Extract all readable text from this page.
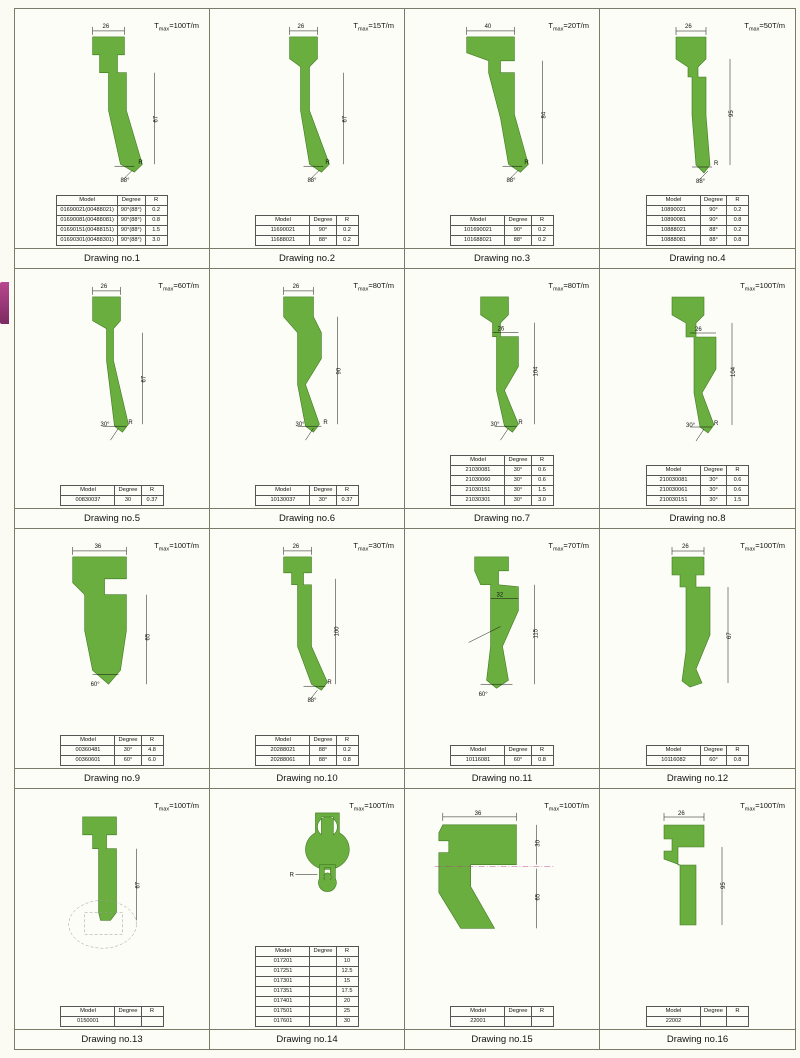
$T_{max}=100T/m$
26
67
88°
R
Model	Degree	R
01690021(00488021)	90°(88°)	0.2
01690081(00488081)	90°(88°)	0.8
01690151(00488151)	90°(88°)	1.5
01690301(00488301)	90°(88°)	3.0
Drawing no.1
$T_{max}=15T/m$
26
67
88°
R
Model	Degree	R
11690021	90°	0.2
11688021	88°	0.2
Drawing no.2
$T_{max}=20T/m$
40
84
88°
R
Model	Degree	R
101690021	90°	0.2
101688021	88°	0.2
Drawing no.3
$T_{max}=50T/m$
26
95
88°
R
Model	Degree	R
10890021	90°	0.2
10890081	90°	0.8
10888021	88°	0.2
10888081	88°	0.8
Drawing no.4
$T_{max}=60T/m$
26
67
30°	R
Model	Degree	R
00830037	30	0.37
Drawing no.5
$T_{max}=80T/m$
26
90
30°	R
Model	Degree	R
10130037	30°	0.37
Drawing no.6
$T_{max}=80T/m$
26
104
30°	R
Model	Degree	R
21030081	30°	0.6
21030060	30°	0.6
21030151	30°	1.5
21030301	30°	3.0
Drawing no.7
$T_{max}=100T/m$
26
104
30°	R
Model	Degree	R
210030081	30°	0.6
210030061	30°	0.6
210030151	30°	1.5
Drawing no.8
$T_{max}=100T/m$
36
65
60°
Model	Degree	R
00360481	30°	4.8
00360601	60°	6.0
Drawing no.9
$T_{max}=30T/m$
26
100
88°
R
Model	Degree	R
20288021	88°	0.2
20288061	88°	0.8
Drawing no.10
$T_{max}=70T/m$
32
115
60°
Model	Degree	R
10116081	60°	0.8
Drawing no.11
$T_{max}=100T/m$
26
67
Model	Degree	R
10116082	60°	0.8
Drawing no.12
$T_{max}=100T/m$
67
Model	Degree	R
0150001		
Drawing no.13
$T_{max}=100T/m$
R
Model	Degree	R
017201		10
017251		12.5
017301		15
017351		17.5
017401		20
017501		25
017601		30
Drawing no.14
$T_{max}=100T/m$
36
30
65
Model	Degree	R
22001		
Drawing no.15
$T_{max}=100T/m$
26
95
Model	Degree	R
22002		
Drawing no.16
